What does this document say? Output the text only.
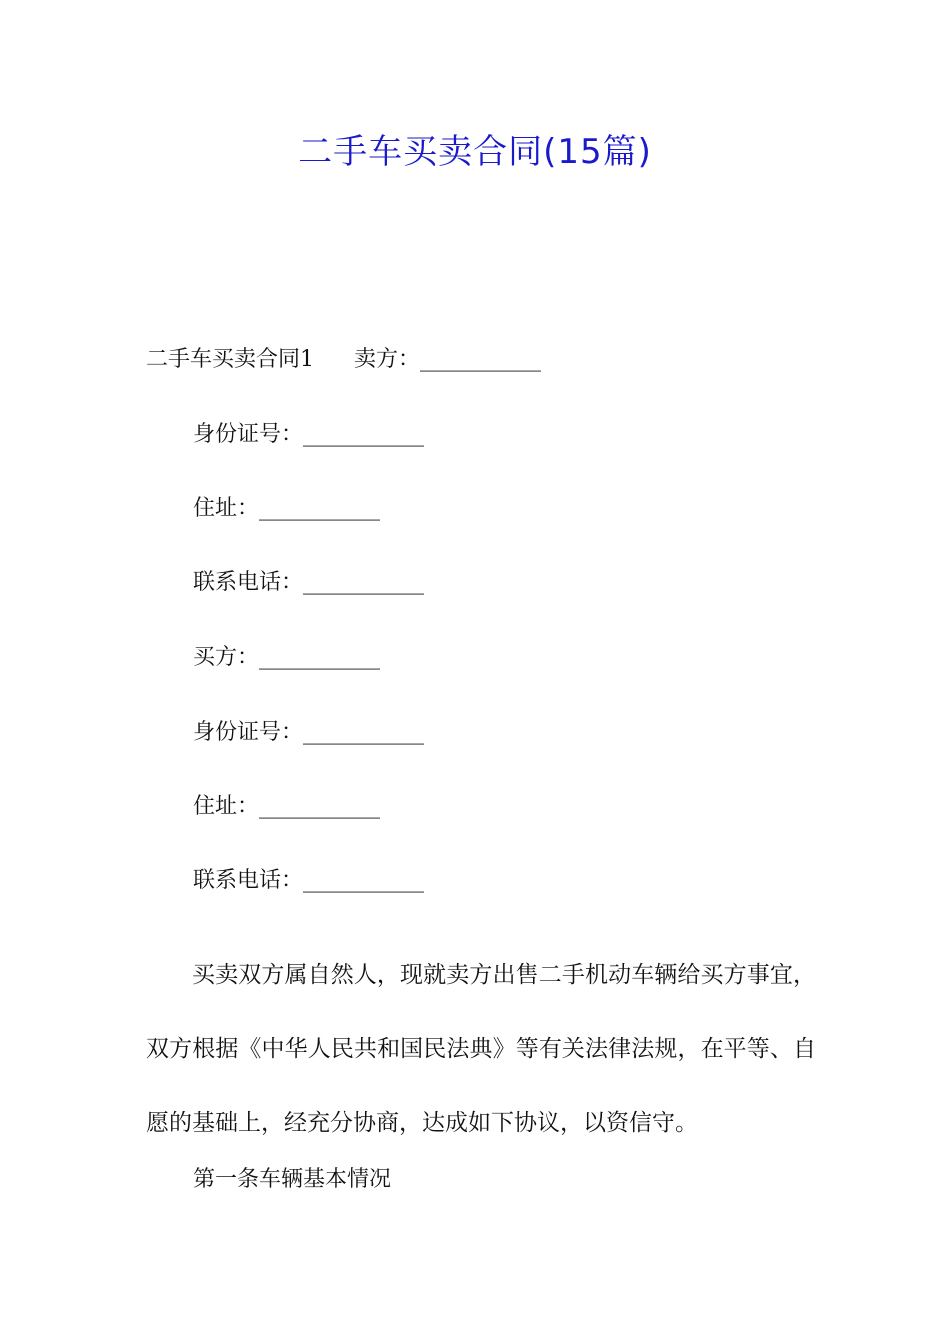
二手车买卖合同(15篇)
二手车买卖合同1 卖方：___________
身份证号：___________
住址：___________
联系电话：___________
买方：___________
身份证号：___________
住址：___________
联系电话：___________

买卖双方属自然人，现就卖方出售二手机动车辆给买方事宜，双方根据《中华人民共和国民法典》等有关法律法规，在平等、自愿的基础上，经充分协商，达成如下协议，以资信守。

第一条车辆基本情况
